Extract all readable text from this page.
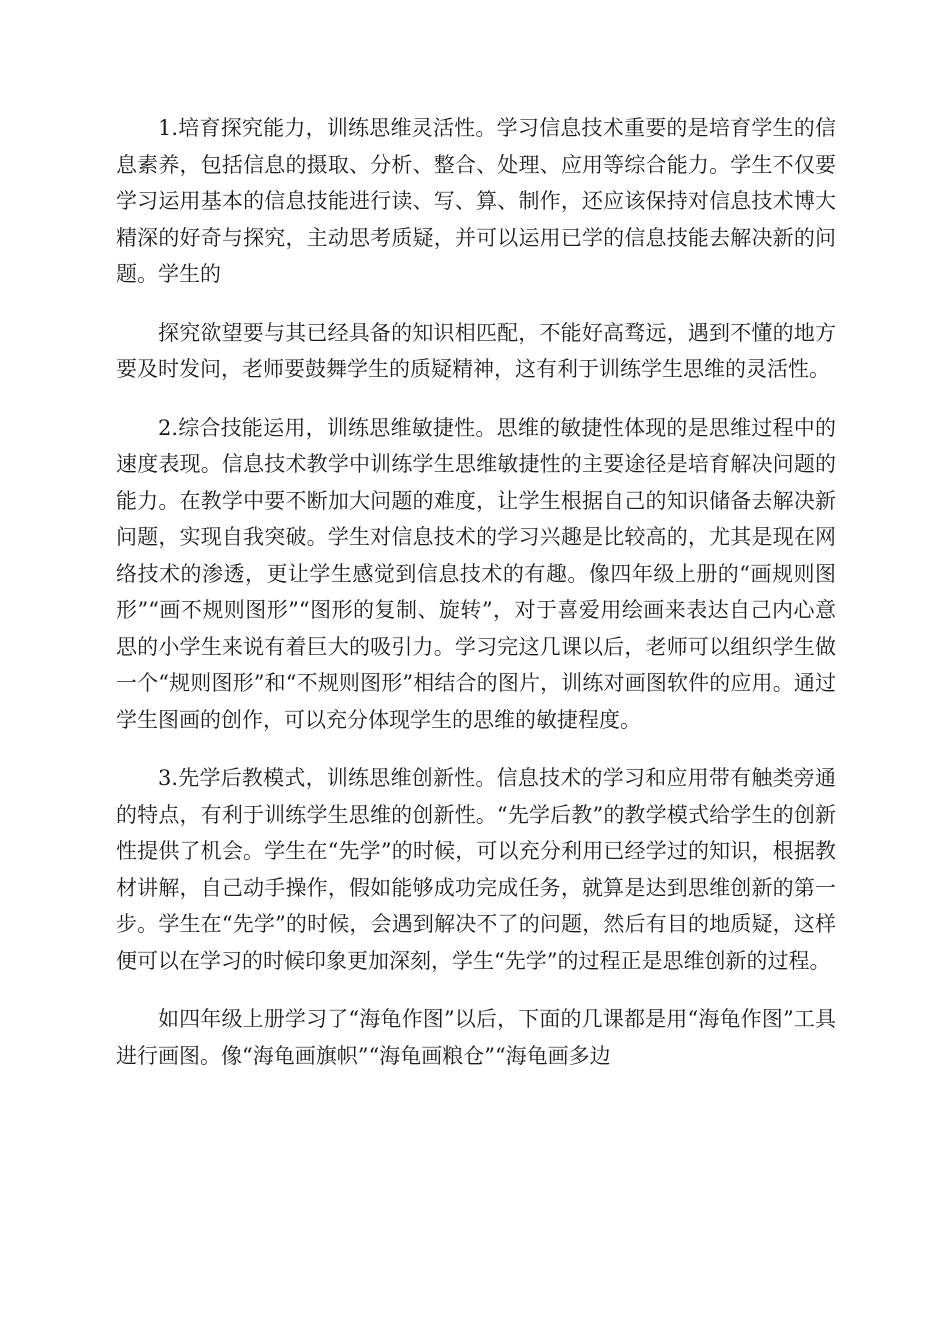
1.培育探究能力，训练思维灵活性。学习信息技术重要的是培育学生的信息素养，包括信息的摄取、分析、整合、处理、应用等综合能力。学生不仅要学习运用基本的信息技能进行读、写、算、制作，还应该保持对信息技术博大精深的好奇与探究，主动思考质疑，并可以运用已学的信息技能去解决新的问题。学生的

探究欲望要与其已经具备的知识相匹配，不能好高骛远，遇到不懂的地方要及时发问，老师要鼓舞学生的质疑精神，这有利于训练学生思维的灵活性。

2.综合技能运用，训练思维敏捷性。思维的敏捷性体现的是思维过程中的速度表现。信息技术教学中训练学生思维敏捷性的主要途径是培育解决问题的能力。在教学中要不断加大问题的难度，让学生根据自己的知识储备去解决新问题，实现自我突破。学生对信息技术的学习兴趣是比较高的，尤其是现在网络技术的渗透，更让学生感觉到信息技术的有趣。像四年级上册的“画规则图形”“画不规则图形”“图形的复制、旋转”，对于喜爱用绘画来表达自己内心意思的小学生来说有着巨大的吸引力。学习完这几课以后，老师可以组织学生做一个“规则图形”和“不规则图形”相结合的图片，训练对画图软件的应用。通过学生图画的创作，可以充分体现学生的思维的敏捷程度。

3.先学后教模式，训练思维创新性。信息技术的学习和应用带有触类旁通的特点，有利于训练学生思维的创新性。“先学后教”的教学模式给学生的创新性提供了机会。学生在“先学”的时候，可以充分利用已经学过的知识，根据教材讲解，自己动手操作，假如能够成功完成任务，就算是达到思维创新的第一步。学生在“先学”的时候，会遇到解决不了的问题，然后有目的地质疑，这样便可以在学习的时候印象更加深刻，学生“先学”的过程正是思维创新的过程。

如四年级上册学习了“海龟作图”以后，下面的几课都是用“海龟作图”工具进行画图。像“海龟画旗帜”“海龟画粮仓”“海龟画多边
